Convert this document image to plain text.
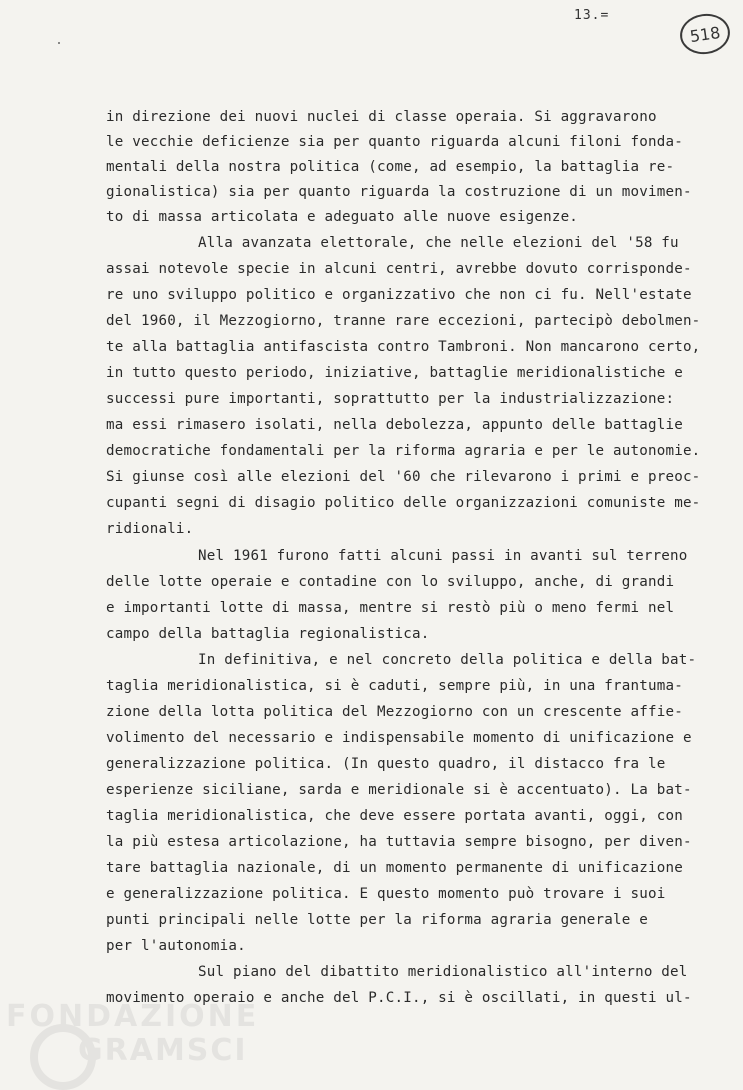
13.=
518

in direzione dei nuovi nuclei di classe operaia. Si aggravarono

le vecchie deficienze sia per quanto riguarda alcuni filoni fonda-

mentali della nostra politica (come, ad esempio, la battaglia re-

gionalistica) sia per quanto riguarda la costruzione di un movimen-

to di massa articolata e adeguato alle nuove esigenze.

Alla avanzata elettorale, che nelle elezioni del '58 fu

assai notevole specie in alcuni centri, avrebbe dovuto corrisponde-

re uno sviluppo politico e organizzativo che non ci fu. Nell'estate

del 1960, il Mezzogiorno, tranne rare eccezioni, partecipò debolmen-

te alla battaglia antifascista contro Tambroni. Non mancarono certo,

in tutto questo periodo, iniziative, battaglie meridionalistiche e

successi pure importanti, soprattutto per la industrializzazione:

ma essi rimasero isolati, nella debolezza, appunto delle battaglie

democratiche fondamentali per la riforma agraria e per le autonomie.

Si giunse così alle elezioni del '60 che rilevarono i primi e preoc-

cupanti segni di disagio politico delle organizzazioni comuniste me-

ridionali.

Nel 1961 furono fatti alcuni passi in avanti sul terreno

delle lotte operaie e contadine con lo sviluppo, anche, di grandi

e importanti lotte di massa, mentre si restò più o meno fermi nel

campo della battaglia regionalistica.

In definitiva, e nel concreto della politica e della bat-

taglia meridionalistica, si è caduti, sempre più, in una frantuma-

zione della lotta politica del Mezzogiorno con un crescente affie-

volimento del necessario e indispensabile momento di unificazione e

generalizzazione politica. (In questo quadro, il distacco fra le

esperienze siciliane, sarda e meridionale si è accentuato). La bat-

taglia meridionalistica, che deve essere portata avanti, oggi, con

la più estesa articolazione, ha tuttavia sempre bisogno, per diven-

tare battaglia nazionale, di un momento permanente di unificazione

e generalizzazione politica. E questo momento può trovare i suoi

punti principali nelle lotte per la riforma agraria generale e

per l'autonomia.

Sul piano del dibattito meridionalistico all'interno del

movimento operaio e anche del P.C.I., si è oscillati, in questi ul-

FONDAZIONE
GRAMSCI
